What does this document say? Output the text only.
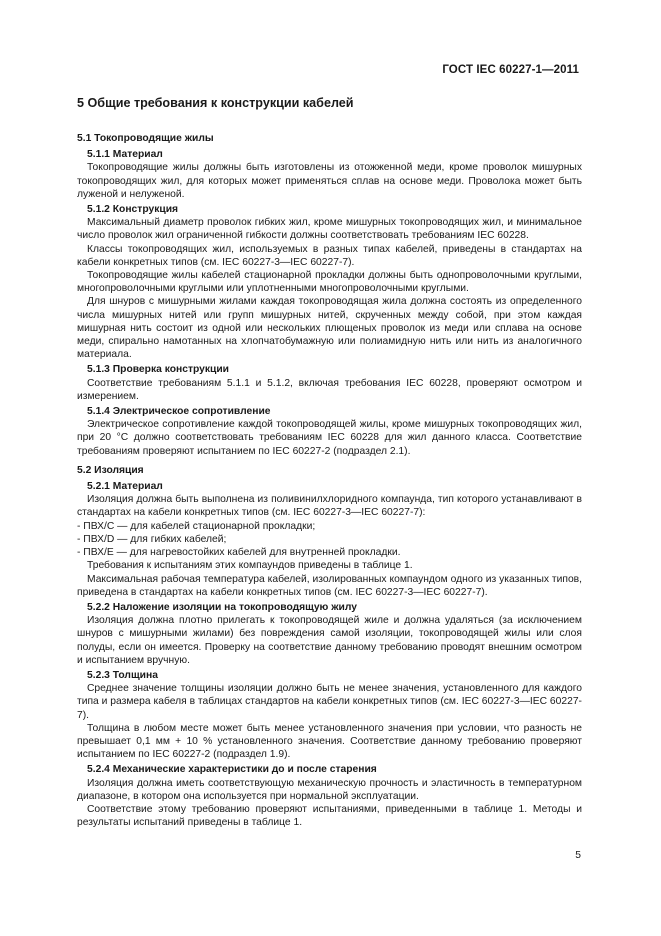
ГОСТ IEC 60227-1—2011
5 Общие требования к конструкции кабелей
5.1 Токопроводящие жилы
5.1.1 Материал
Токопроводящие жилы должны быть изготовлены из отожженной меди, кроме проволок мишурных токопроводящих жил, для которых может применяться сплав на основе меди. Проволока может быть луженой и нелуженой.
5.1.2 Конструкция
Максимальный диаметр проволок гибких жил, кроме мишурных токопроводящих жил, и минимальное число проволок жил ограниченной гибкости должны соответствовать требованиям IEC 60228.
Классы токопроводящих жил, используемых в разных типах кабелей, приведены в стандартах на кабели конкретных типов (см. IEC 60227-3—IEC 60227-7).
Токопроводящие жилы кабелей стационарной прокладки должны быть однопроволочными круглыми, многопроволочными круглыми или уплотненными многопроволочными круглыми.
Для шнуров с мишурными жилами каждая токопроводящая жила должна состоять из определенного числа мишурных нитей или групп мишурных нитей, скрученных между собой, при этом каждая мишурная нить состоит из одной или нескольких плющеных проволок из меди или сплава на основе меди, спирально намотанных на хлопчатобумажную или полиамидную нить или нить из аналогичного материала.
5.1.3 Проверка конструкции
Соответствие требованиям 5.1.1 и 5.1.2, включая требования IEC 60228, проверяют осмотром и измерением.
5.1.4 Электрическое сопротивление
Электрическое сопротивление каждой токопроводящей жилы, кроме мишурных токопроводящих жил, при 20 °C должно соответствовать требованиям IEC 60228 для жил данного класса. Соответствие требованиям проверяют испытанием по IEC 60227-2 (подраздел 2.1).
5.2 Изоляция
5.2.1 Материал
Изоляция должна быть выполнена из поливинилхлоридного компаунда, тип которого устанавливают в стандартах на кабели конкретных типов (см. IEC 60227-3—IEC 60227-7):
- ПВХ/С — для кабелей стационарной прокладки;
- ПВХ/D — для гибких кабелей;
- ПВХ/Е — для нагревостойких кабелей для внутренней прокладки.
Требования к испытаниям этих компаундов приведены в таблице 1.
Максимальная рабочая температура кабелей, изолированных компаундом одного из указанных типов, приведена в стандартах на кабели конкретных типов (см. IEC 60227-3—IEC 60227-7).
5.2.2 Наложение изоляции на токопроводящую жилу
Изоляция должна плотно прилегать к токопроводящей жиле и должна удаляться (за исключением шнуров с мишурными жилами) без повреждения самой изоляции, токопроводящей жилы или слоя полуды, если он имеется. Проверку на соответствие данному требованию проводят внешним осмотром и испытанием вручную.
5.2.3 Толщина
Среднее значение толщины изоляции должно быть не менее значения, установленного для каждого типа и размера кабеля в таблицах стандартов на кабели конкретных типов (см. IEC 60227-3—IEC 60227-7).
Толщина в любом месте может быть менее установленного значения при условии, что разность не превышает 0,1 мм + 10 % установленного значения. Соответствие данному требованию проверяют испытанием по IEC 60227-2 (подраздел 1.9).
5.2.4 Механические характеристики до и после старения
Изоляция должна иметь соответствующую механическую прочность и эластичность в температурном диапазоне, в котором она используется при нормальной эксплуатации.
Соответствие этому требованию проверяют испытаниями, приведенными в таблице 1. Методы и результаты испытаний приведены в таблице 1.
5
